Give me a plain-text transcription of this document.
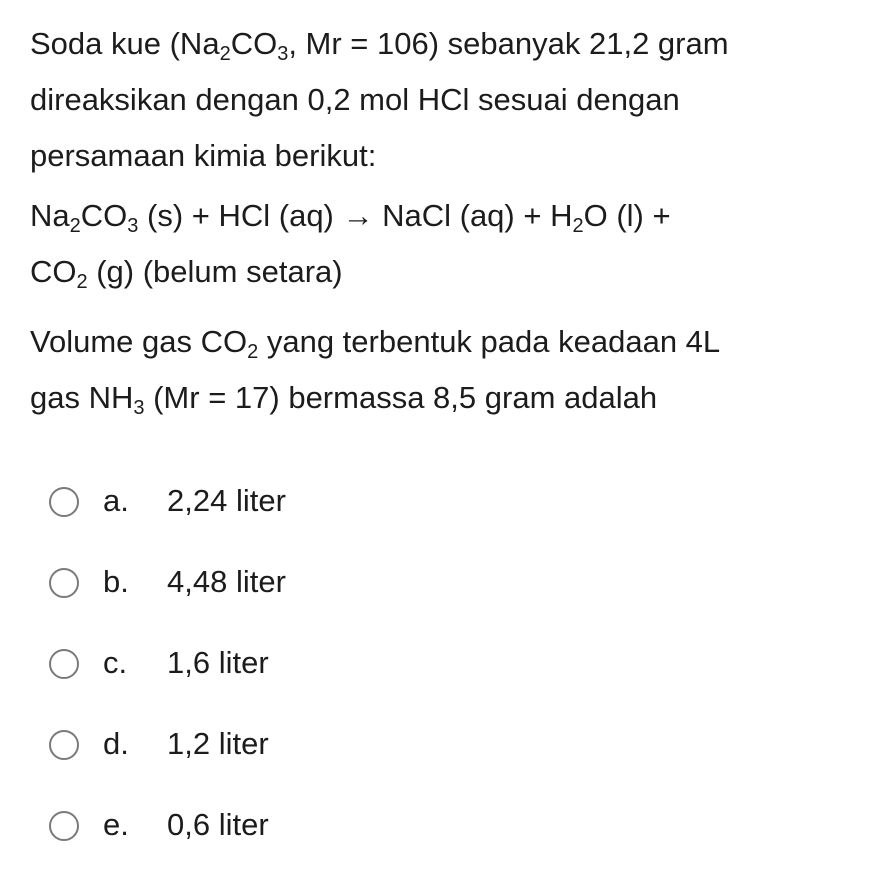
Soda kue ($Na_2CO_3$, Mr = 106) sebanyak 21,2 gram
direaksikan dengan 0,2 mol HCl sesuai dengan
persamaan kimia berikut:
$Na_2CO_3$ (s) + HCl (aq) → NaCl $(aq) + H_2O$ (l) +
$CO_2$ (g) (belum setara)
Volume gas $CO_2$ yang terbentuk pada keadaan 4L
gas $NH_3$ (Mr = 17) bermassa 8,5 gram adalah
a. 2,24 liter
b. 4,48 liter
c. 1,6 liter
d. 1,2 liter
e. 0,6 liter
